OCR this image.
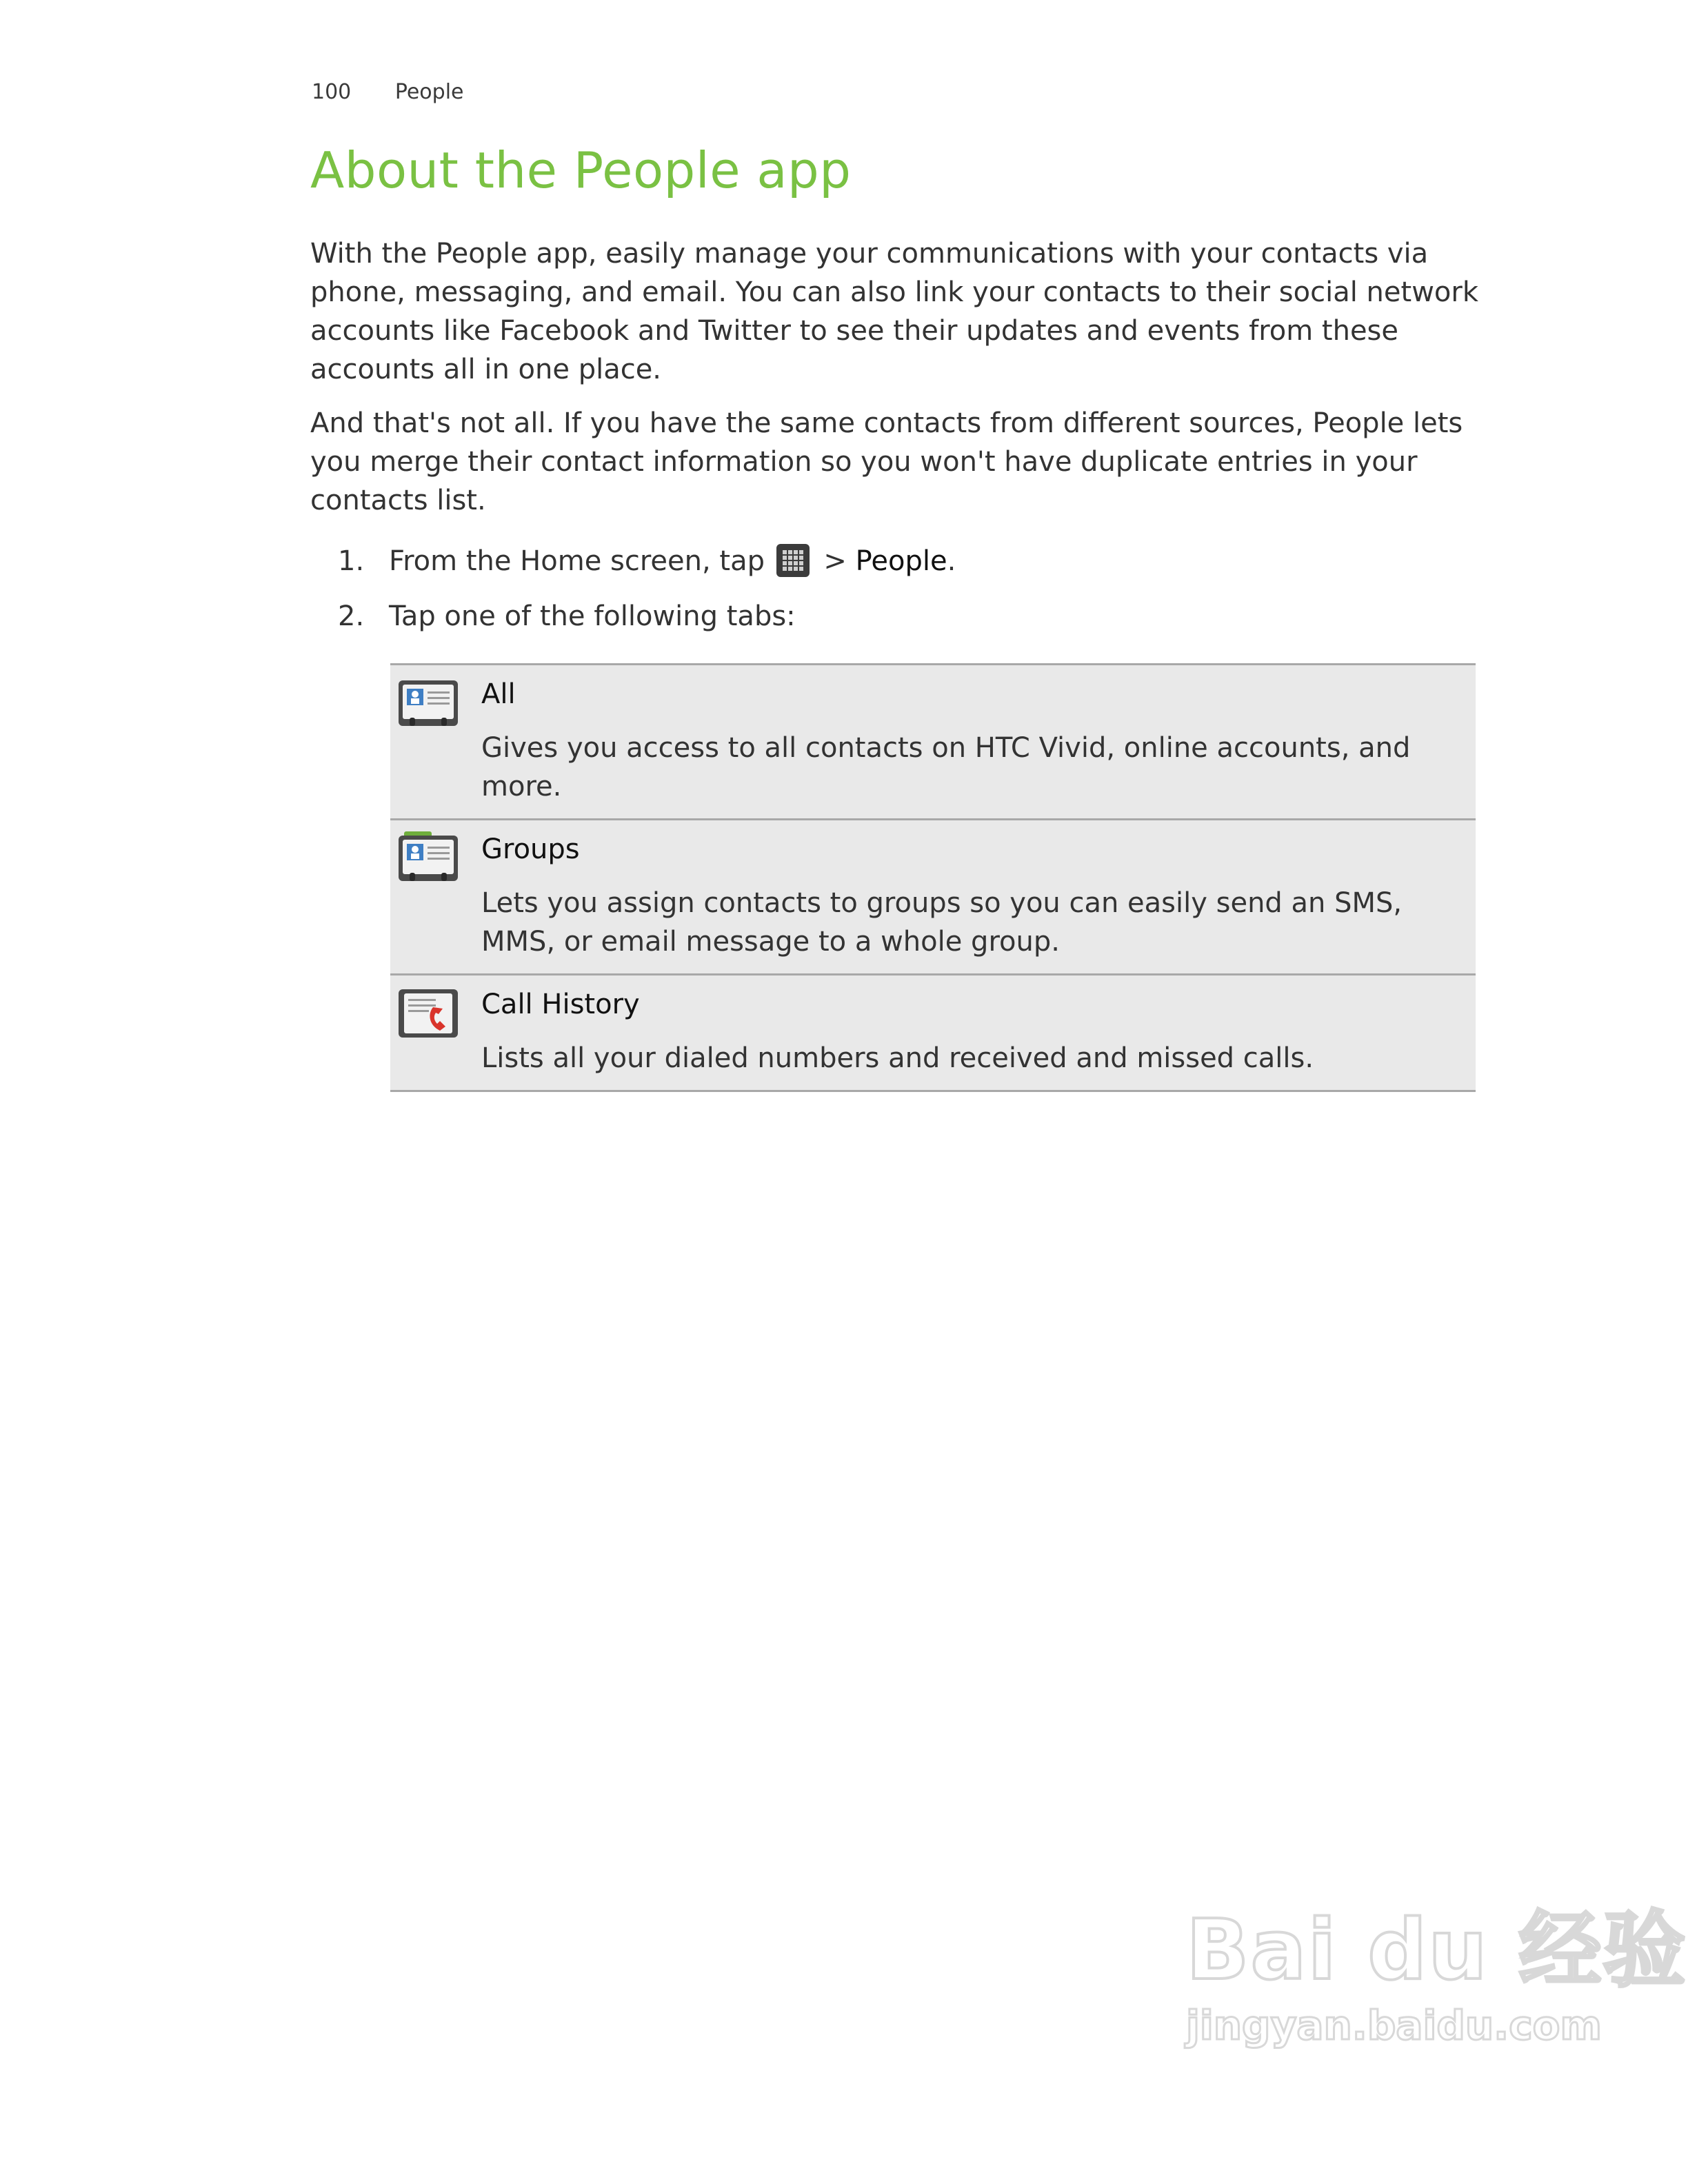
100 People
About the People app

With the People app, easily manage your communications with your contacts via phone, messaging, and email. You can also link your contacts to their social network accounts like Facebook and Twitter to see their updates and events from these accounts all in one place.

And that's not all. If you have the same contacts from different sources, People lets you merge their contact information so you won't have duplicate entries in your contacts list.

1. From the Home screen, tap
> People.
2. Tap one of the following tabs:

All
Gives you access to all contacts on HTC Vivid, online accounts, and more.

Groups
Lets you assign contacts to groups so you can easily send an SMS, MMS, or email message to a whole group.

Call History
Lists all your dialed numbers and received and missed calls.
Bai du 经验
jingyan.baidu.com
